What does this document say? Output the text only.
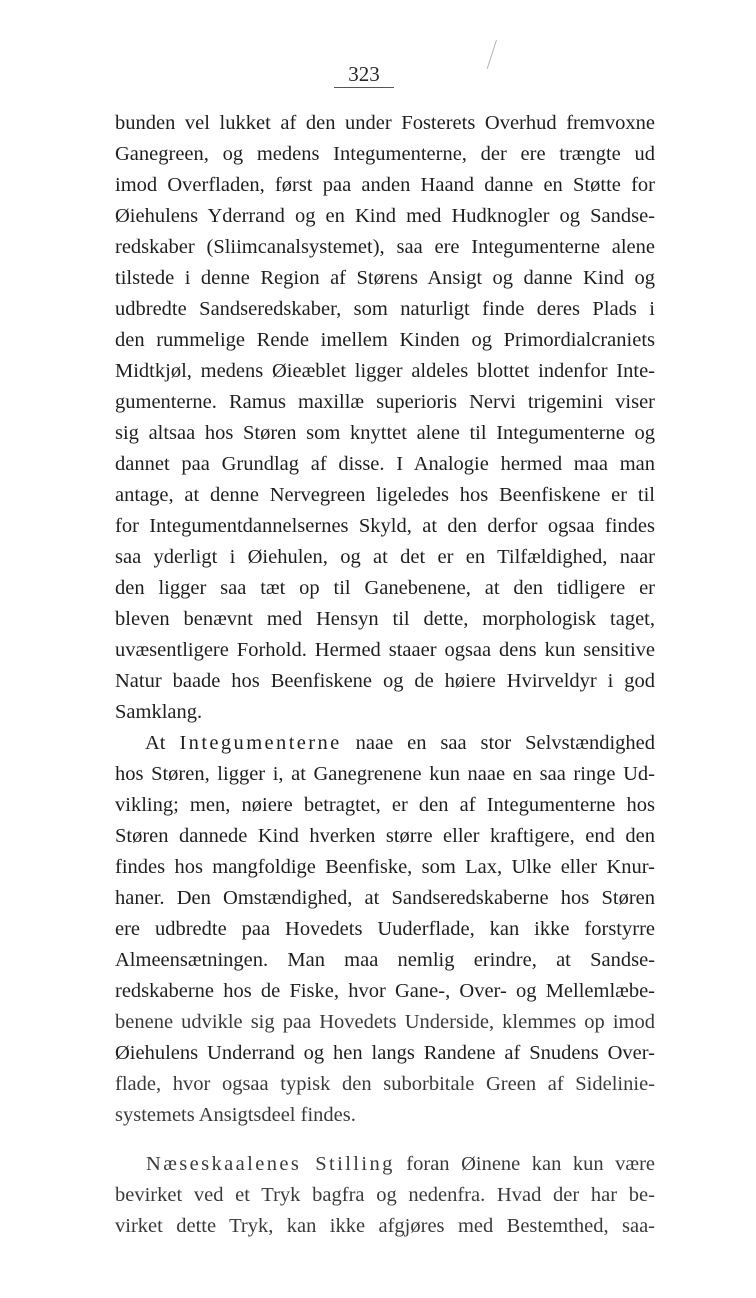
323
bunden vel lukket af den under Fosterets Overhud fremvoxne
Ganegreen, og medens Integumenterne, der ere trængte ud
imod Overfladen, først paa anden Haand danne en Støtte for
Øiehulens Yderrand og en Kind med Hudknogler og Sandse-
redskaber (Sliimcanalsystemet), saa ere Integumenterne alene
tilstede i denne Region af Størens Ansigt og danne Kind og
udbredte Sandseredskaber, som naturligt finde deres Plads i
den rummelige Rende imellem Kinden og Primordialcraniets
Midtkjøl, medens Øieæblet ligger aldeles blottet indenfor Inte-
gumenterne. Ramus maxillæ superioris Nervi trigemini viser
sig altsaa hos Støren som knyttet alene til Integumenterne og
dannet paa Grundlag af disse. I Analogie hermed maa man
antage, at denne Nervegreen ligeledes hos Beenfiskene er til
for Integumentdannelsernes Skyld, at den derfor ogsaa findes
saa yderligt i Øiehulen, og at det er en Tilfældighed, naar
den ligger saa tæt op til Ganebenene, at den tidligere er
bleven benævnt med Hensyn til dette, morphologisk taget,
uvæsentligere Forhold. Hermed staaer ogsaa dens kun sensitive
Natur baade hos Beenfiskene og de høiere Hvirveldyr i god
Samklang.
At Integumenterne naae en saa stor Selvstændighed
hos Støren, ligger i, at Ganegrenene kun naae en saa ringe Ud-
vikling; men, nøiere betragtet, er den af Integumenterne hos
Støren dannede Kind hverken større eller kraftigere, end den
findes hos mangfoldige Beenfiske, som Lax, Ulke eller Knur-
haner. Den Omstændighed, at Sandseredskaberne hos Støren
ere udbredte paa Hovedets Uuderflade, kan ikke forstyrre
Almeensætningen. Man maa nemlig erindre, at Sandse-
redskaberne hos de Fiske, hvor Gane-, Over- og Mellemlæbe-
benene udvikle sig paa Hovedets Underside, klemmes op imod
Øiehulens Underrand og hen langs Randene af Snudens Over-
flade, hvor ogsaa typisk den suborbitale Green af Sidelinie-
systemets Ansigtsdeel findes.
Næseskaalenes Stilling foran Øinene kan kun være
bevirket ved et Tryk bagfra og nedenfra. Hvad der har be-
virket dette Tryk, kan ikke afgjøres med Bestemthed, saa-
